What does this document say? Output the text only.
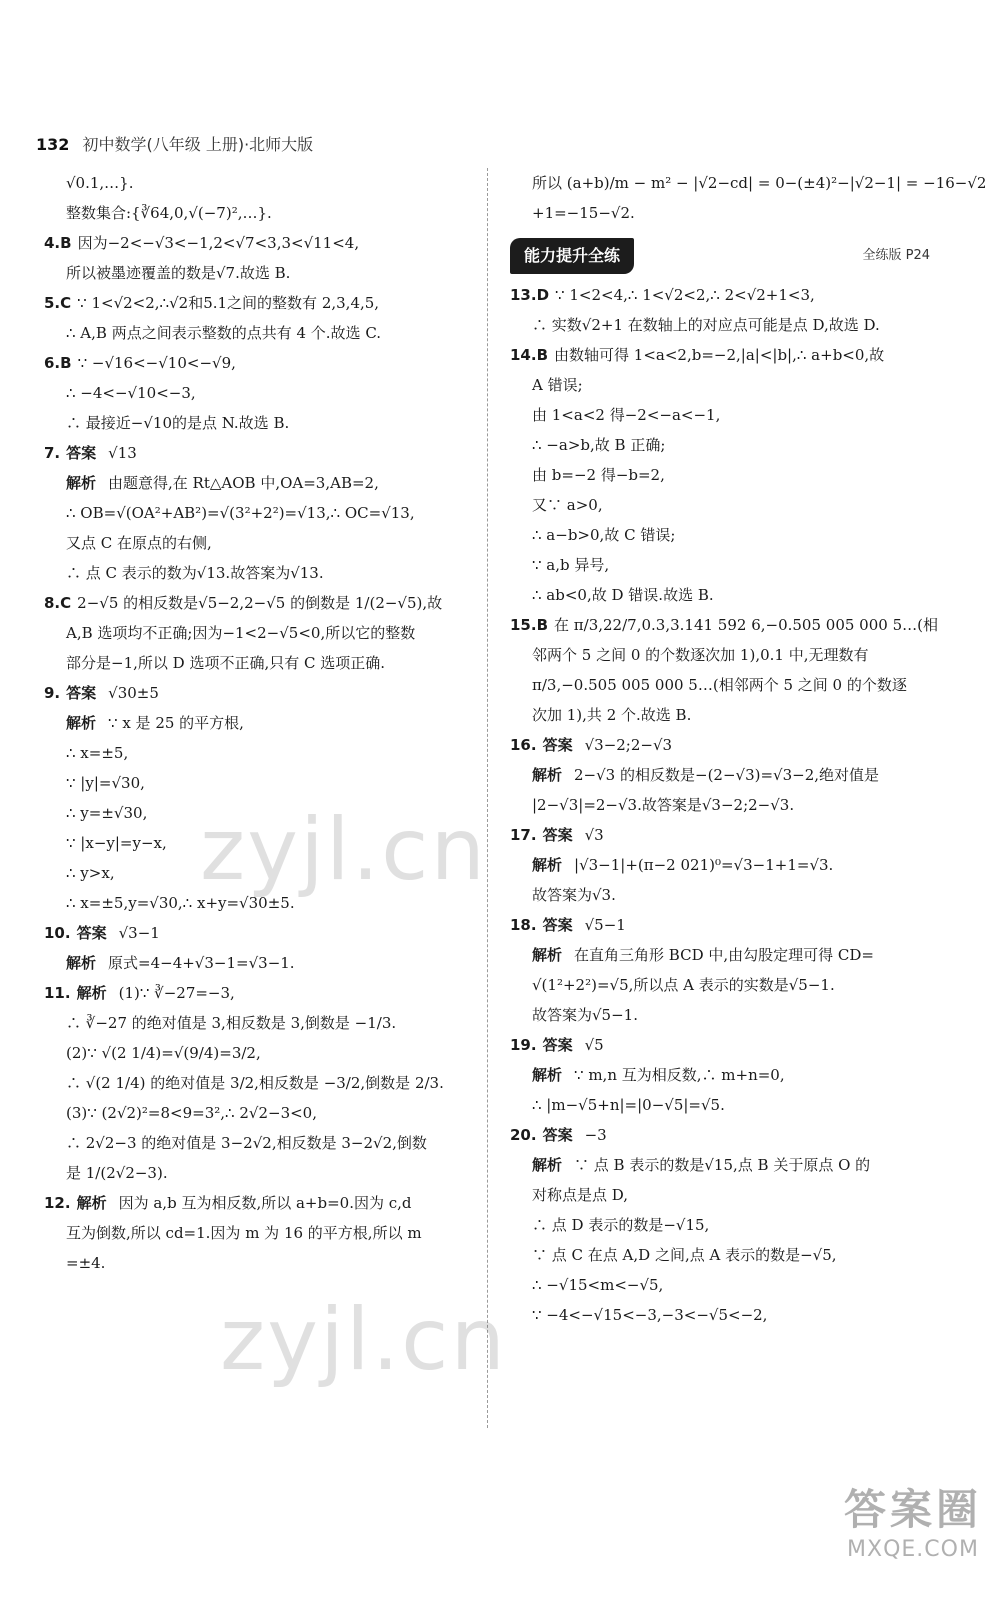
132 初中数学(八年级 上册)·北师大版
√0.1,…}.
整数集合:{∛64,0,√(−7)²,…}.
4.B 因为−2<−√3<−1,2<√7<3,3<√11<4,
所以被墨迹覆盖的数是√7.故选 B.
5.C ∵ 1<√2<2,∴√2和5.1之间的整数有 2,3,4,5,
∴ A,B 两点之间表示整数的点共有 4 个.故选 C.
6.B ∵ −√16<−√10<−√9,
∴ −4<−√10<−3,
∴ 最接近−√10的是点 N.故选 B.
7. 答案 √13
解析 由题意得,在 Rt△AOB 中,OA=3,AB=2,
∴ OB=√(OA²+AB²)=√(3²+2²)=√13,∴ OC=√13,
又点 C 在原点的右侧,
∴ 点 C 表示的数为√13.故答案为√13.
8.C 2−√5 的相反数是√5−2,2−√5 的倒数是 1/(2−√5),故
A,B 选项均不正确;因为−1<2−√5<0,所以它的整数
部分是−1,所以 D 选项不正确,只有 C 选项正确.
9. 答案 √30±5
解析 ∵ x 是 25 的平方根,
∴ x=±5,
∵ |y|=√30,
∴ y=±√30,
∵ |x−y|=y−x,
∴ y>x,
∴ x=±5,y=√30,∴ x+y=√30±5.
10. 答案 √3−1
解析 原式=4−4+√3−1=√3−1.
11. 解析 (1)∵ ∛−27=−3,
∴ ∛−27 的绝对值是 3,相反数是 3,倒数是 −1/3.
(2)∵ √(2 1/4)=√(9/4)=3/2,
∴ √(2 1/4) 的绝对值是 3/2,相反数是 −3/2,倒数是 2/3.
(3)∵ (2√2)²=8<9=3²,∴ 2√2−3<0,
∴ 2√2−3 的绝对值是 3−2√2,相反数是 3−2√2,倒数
是 1/(2√2−3).
12. 解析 因为 a,b 互为相反数,所以 a+b=0.因为 c,d
互为倒数,所以 cd=1.因为 m 为 16 的平方根,所以 m
=±4.
所以 (a+b)/m − m² − |√2−cd| = 0−(±4)²−|√2−1| = −16−√2
+1=−15−√2.
能力提升全练	全练版 P24
13.D ∵ 1<2<4,∴ 1<√2<2,∴ 2<√2+1<3,
∴ 实数√2+1 在数轴上的对应点可能是点 D,故选 D.
14.B 由数轴可得 1<a<2,b=−2,|a|<|b|,∴ a+b<0,故
A 错误;
由 1<a<2 得−2<−a<−1,
∴ −a>b,故 B 正确;
由 b=−2 得−b=2,
又∵ a>0,
∴ a−b>0,故 C 错误;
∵ a,b 异号,
∴ ab<0,故 D 错误.故选 B.
15.B 在 π/3,22/7,0.3,3.141 592 6,−0.505 005 000 5…(相
邻两个 5 之间 0 的个数逐次加 1),0.1 中,无理数有
π/3,−0.505 005 000 5…(相邻两个 5 之间 0 的个数逐
次加 1),共 2 个.故选 B.
16. 答案 √3−2;2−√3
解析 2−√3 的相反数是−(2−√3)=√3−2,绝对值是
|2−√3|=2−√3.故答案是√3−2;2−√3.
17. 答案 √3
解析 |√3−1|+(π−2 021)⁰=√3−1+1=√3.
故答案为√3.
18. 答案 √5−1
解析 在直角三角形 BCD 中,由勾股定理可得 CD=
√(1²+2²)=√5,所以点 A 表示的实数是√5−1.
故答案为√5−1.
19. 答案 √5
解析 ∵ m,n 互为相反数,∴ m+n=0,
∴ |m−√5+n|=|0−√5|=√5.
20. 答案 −3
解析 ∵ 点 B 表示的数是√15,点 B 关于原点 O 的
对称点是点 D,
∴ 点 D 表示的数是−√15,
∵ 点 C 在点 A,D 之间,点 A 表示的数是−√5,
∴ −√15<m<−√5,
∵ −4<−√15<−3,−3<−√5<−2,
zyjl.cn
zyjl.cn
答案圈
MXQE.COM
